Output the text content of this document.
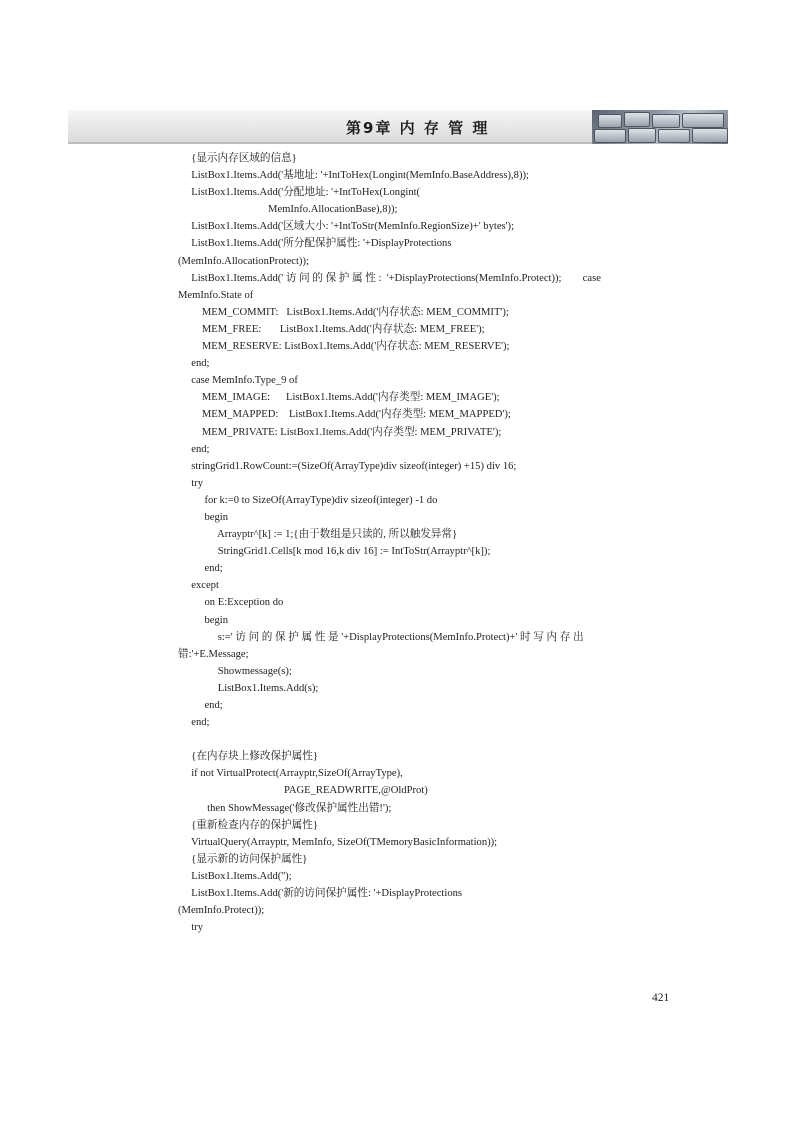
第9章 内 存 管 理
{显示内存区域的信息}
ListBox1.Items.Add('基地址: '+IntToHex(Longint(MemInfo.BaseAddress),8));
ListBox1.Items.Add('分配地址: '+IntToHex(Longint(
MemInfo.AllocationBase),8));
ListBox1.Items.Add('区域大小: '+IntToStr(MemInfo.RegionSize)+' bytes');
ListBox1.Items.Add('所分配保护属性: '+DisplayProtections
(MemInfo.AllocationProtect));
ListBox1.Items.Add(' 访 问 的 保 护 属 性 :  '+DisplayProtections(MemInfo.Protect));        case
MemInfo.State of
MEM_COMMIT:   ListBox1.Items.Add('内存状态: MEM_COMMIT');
MEM_FREE:       ListBox1.Items.Add('内存状态: MEM_FREE');
MEM_RESERVE: ListBox1.Items.Add('内存状态: MEM_RESERVE');
end;
case MemInfo.Type_9 of
MEM_IMAGE:      ListBox1.Items.Add('内存类型: MEM_IMAGE');
MEM_MAPPED:    ListBox1.Items.Add('内存类型: MEM_MAPPED');
MEM_PRIVATE: ListBox1.Items.Add('内存类型: MEM_PRIVATE');
end;
stringGrid1.RowCount:=(SizeOf(ArrayType)div sizeof(integer) +15) div 16;
try
for k:=0 to SizeOf(ArrayType)div sizeof(integer) -1 do
begin
Arrayptr^[k] := 1;{由于数组是只读的, 所以触发异常}
StringGrid1.Cells[k mod 16,k div 16] := IntToStr(Arrayptr^[k]);
end;
except
on E:Exception do
begin
s:=' 访 问 的 保 护 属 性 是 '+DisplayProtections(MemInfo.Protect)+' 时 写 内 存 出
错:'+E.Message;
Showmessage(s);
ListBox1.Items.Add(s);
end;
end;
{在内存块上修改保护属性}
if not VirtualProtect(Arrayptr,SizeOf(ArrayType),
PAGE_READWRITE,@OldProt)
then ShowMessage('修改保护属性出错!');
{重新检查内存的保护属性}
VirtualQuery(Arrayptr, MemInfo, SizeOf(TMemoryBasicInformation));
{显示新的访问保护属性}
ListBox1.Items.Add('');
ListBox1.Items.Add('新的访问保护属性: '+DisplayProtections
(MemInfo.Protect));
try
421
